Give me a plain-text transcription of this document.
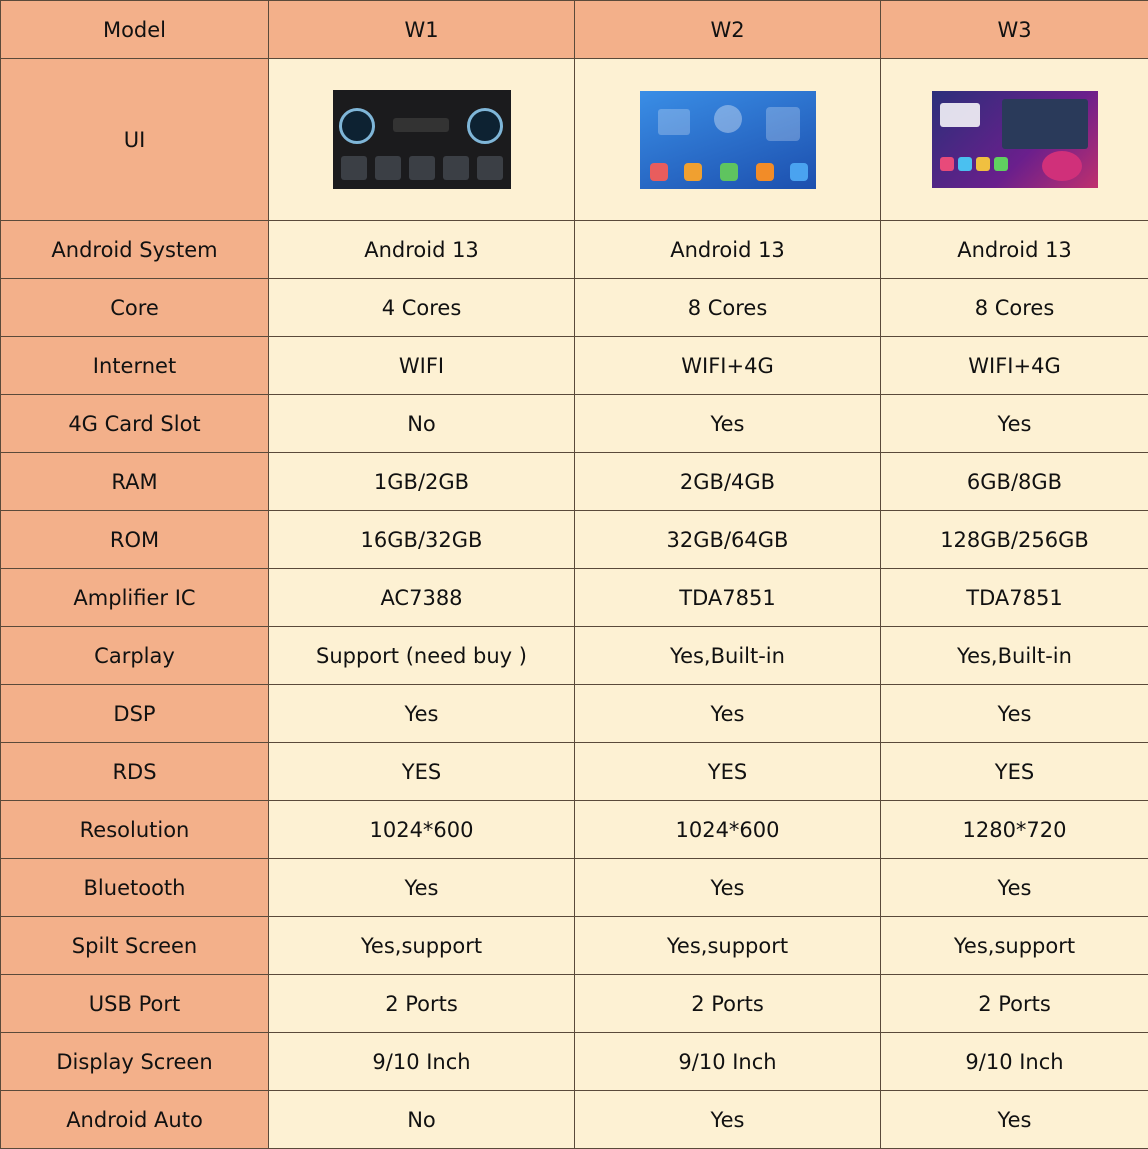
Model	W1	W2	W3
UI	

Android System	Android 13	Android 13	Android 13
Core	4 Cores	8 Cores	8 Cores
Internet	WIFI	WIFI+4G	WIFI+4G
4G Card Slot	No	Yes	Yes
RAM	1GB/2GB	2GB/4GB	6GB/8GB
ROM	16GB/32GB	32GB/64GB	128GB/256GB
Amplifier IC	AC7388	TDA7851	TDA7851
Carplay	Support (need buy )	Yes,Built-in	Yes,Built-in
DSP	Yes	Yes	Yes
RDS	YES	YES	YES
Resolution	1024*600	1024*600	1280*720
Bluetooth	Yes	Yes	Yes
Spilt Screen	Yes,support	Yes,support	Yes,support
USB Port	2 Ports	2 Ports	2 Ports
Display Screen	9/10 Inch	9/10 Inch	9/10 Inch
Android Auto	No	Yes	Yes
